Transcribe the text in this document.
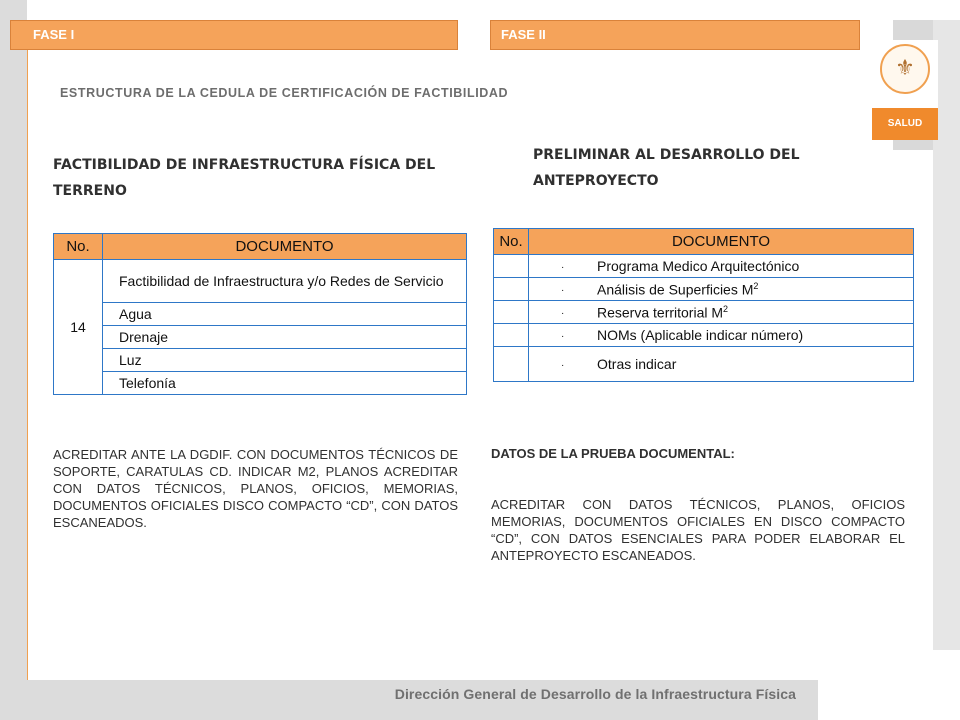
FASE I	FASE II
⚜
SALUD
ESTRUCTURA DE LA CEDULA DE CERTIFICACIÓN DE FACTIBILIDAD
FACTIBILIDAD DE INFRAESTRUCTURA FÍSICA DEL TERRENO
PRELIMINAR AL DESARROLLO DEL ANTEPROYECTO
No.	DOCUMENTO
14	Factibilidad de Infraestructura y/o Redes de Servicio
	Agua
	Drenaje
	Luz
	Telefonía
No.	DOCUMENTO
	· Programa Medico Arquitectónico
	· Análisis de Superficies $M^2$
	· Reserva territorial $M^2$
	· NOMs (Aplicable indicar número)
	· Otras indicar
ACREDITAR ANTE LA DGDIF. CON DOCUMENTOS TÉCNICOS DE SOPORTE, CARATULAS CD. INDICAR M2, PLANOS ACREDITAR CON DATOS TÉCNICOS, PLANOS, OFICIOS, MEMORIAS, DOCUMENTOS OFICIALES DISCO COMPACTO “CD”, CON DATOS ESCANEADOS.
DATOS DE LA PRUEBA DOCUMENTAL:
ACREDITAR CON DATOS TÉCNICOS, PLANOS, OFICIOS MEMORIAS, DOCUMENTOS OFICIALES EN DISCO COMPACTO “CD”, CON DATOS ESENCIALES PARA PODER ELABORAR EL ANTEPROYECTO ESCANEADOS.
Dirección General de Desarrollo de la Infraestructura Física
